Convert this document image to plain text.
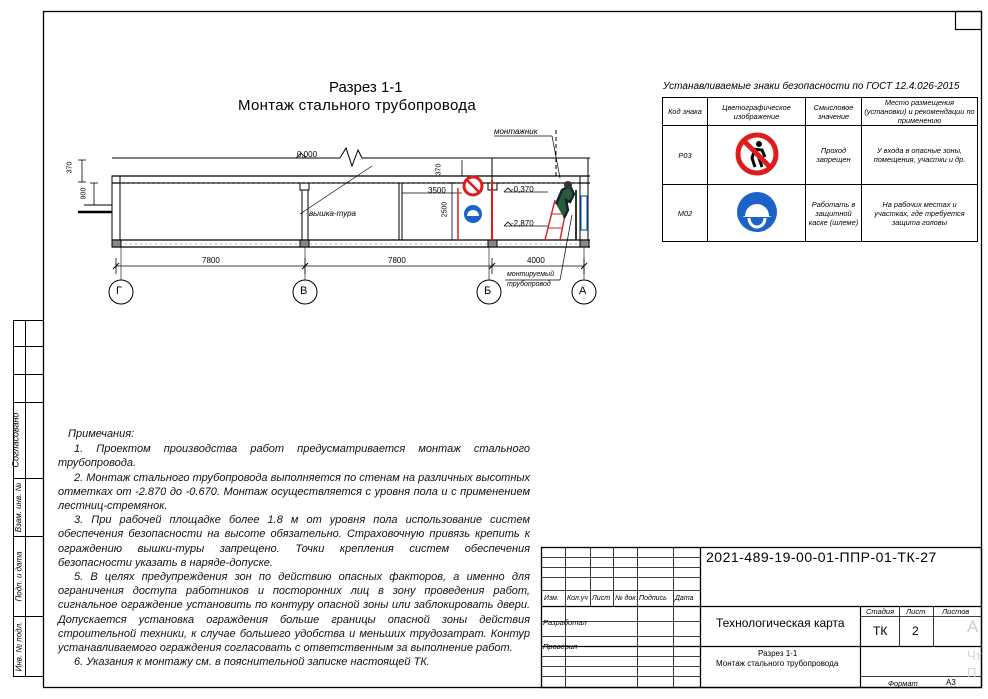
Разрез 1-1
Монтаж стального трубопровода
0,000
-0,370
-2,870
370
900
370
3500
2500
7800	7800	4000
вышка-тура
монтажник
монтируемый
трубопровод
Г	В	Б	А
Устанавливаемые знаки безопасности по ГОСТ 12.4.026-2015
Код знака	Цветографическое изображение	Смысловое значение	Место размещения (установки) и рекомендации по применению
P03		Проход запрещен	У входа в опасные зоны, помещения, участки и др.
M02		Работать в защитной каске (шлеме)	На рабочих местах и участках, где требуется защита головы

Примечания:

1. Проектом производства работ предусматривается монтаж стального трубопровода.

2. Монтаж стального трубопровода выполняется по стенам на различных высотных отметках от -2.870 до -0.670. Монтаж осуществляется с уровня пола и с применением лестниц-стремянок.

3. При рабочей площадке более 1.8 м от уровня пола использование систем обеспечения безопасности на высоте обязательно. Страховочную привязь крепить к ограждению вышки-туры запрещено. Точки крепления систем обеспечения безопасности указать в наряде-допуске.

5. В целях предупреждения зон по действию опасных факторов, а именно для ограничения доступа работников и посторонних лиц в зону проведения работ, сигнальное ограждение установить по контуру опасной зоны или заблокировать двери. Допускается установка ограждения больше границы опасной зоны действия строительной техники, к случае большего удобства и меньших трудозатрат. Контур устанавливаемого ограждения согласовать с ответственным за выполнение работ.

6. Указания к монтажу см. в пояснительной записке настоящей ТК.

Согласовано
Взам. инв. №
Подп. и дата
Инв. № подл.
2021-489-19-00-01-ППР-01-ТК-27
Изм. Кол.уч Лист № док. Подпись Дата
Разработал
Проверил
Технологическая карта
Стадия Лист Листов
ТК 2
Разрез 1-1
Монтаж стального трубопровода
Формат	А3
А
Чт
П
